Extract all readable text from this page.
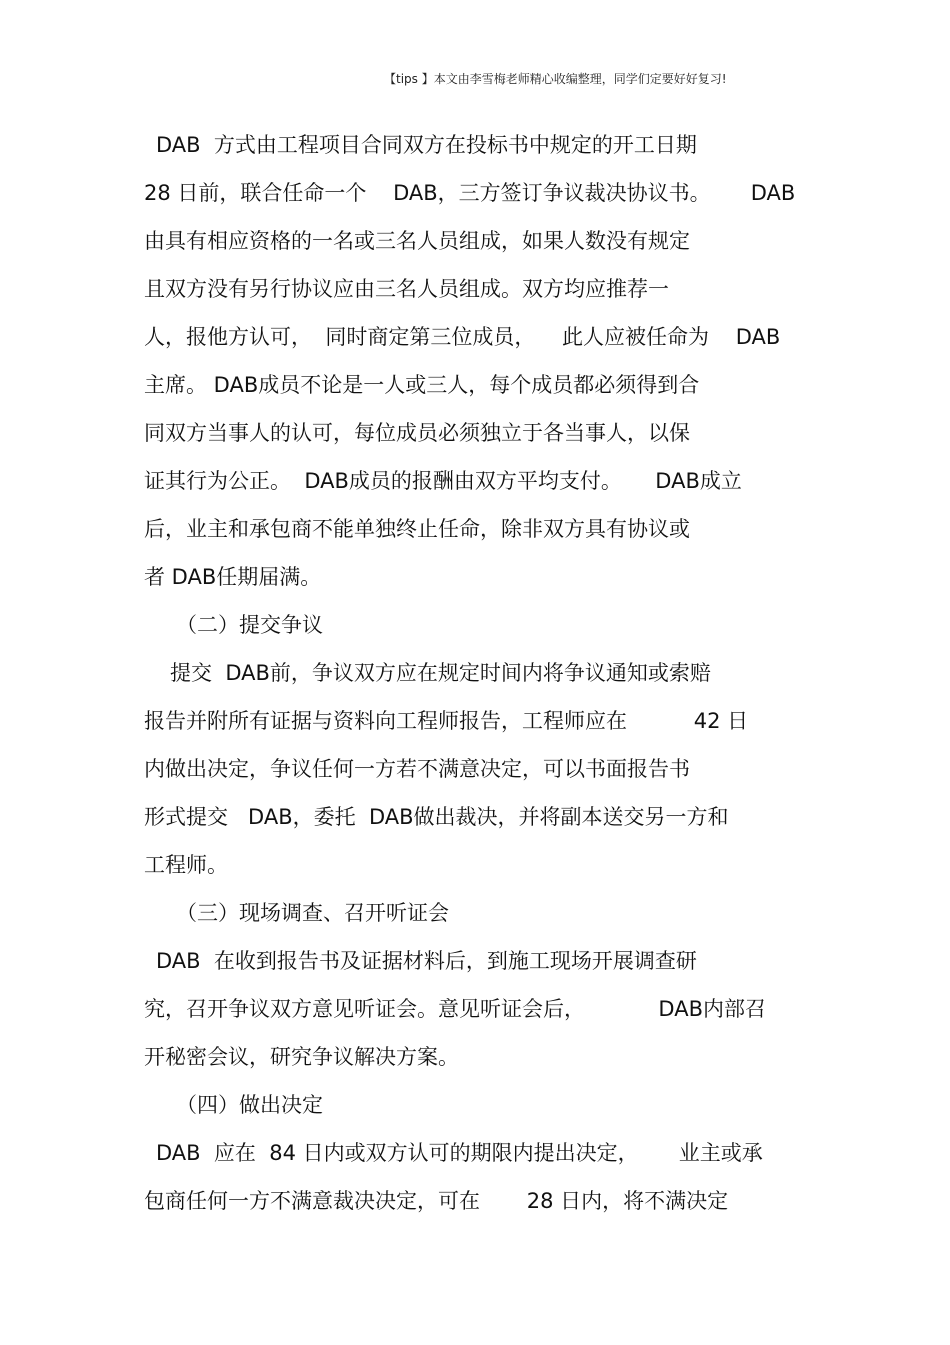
【tips 】本文由李雪梅老师精心收编整理，同学们定要好好复习!
DAB  方式由工程项目合同双方在投标书中规定的开工日期
28 日前，联合任命一个    DAB，三方签订争议裁决协议书。      DAB
由具有相应资格的一名或三名人员组成，如果人数没有规定
且双方没有另行协议应由三名人员组成。双方均应推荐一
人，报他方认可，  同时商定第三位成员，    此人应被任命为    DAB
主席。 DAB成员不论是一人或三人，每个成员都必须得到合
同双方当事人的认可，每位成员必须独立于各当事人，以保
证其行为公正。  DAB成员的报酬由双方平均支付。     DAB成立
后，业主和承包商不能单独终止任命，除非双方具有协议或
者 DAB任期届满。
（二）提交争议
提交  DAB前，争议双方应在规定时间内将争议通知或索赔
报告并附所有证据与资料向工程师报告，工程师应在          42 日
内做出决定，争议任何一方若不满意决定，可以书面报告书
形式提交   DAB，委托  DAB做出裁决，并将副本送交另一方和
工程师。
（三）现场调查、召开听证会
DAB  在收到报告书及证据材料后，到施工现场开展调查研
究，召开争议双方意见听证会。意见听证会后，           DAB内部召
开秘密会议，研究争议解决方案。
（四）做出决定
DAB  应在  84 日内或双方认可的期限内提出决定，      业主或承
包商任何一方不满意裁决决定，可在       28 日内，将不满决定
